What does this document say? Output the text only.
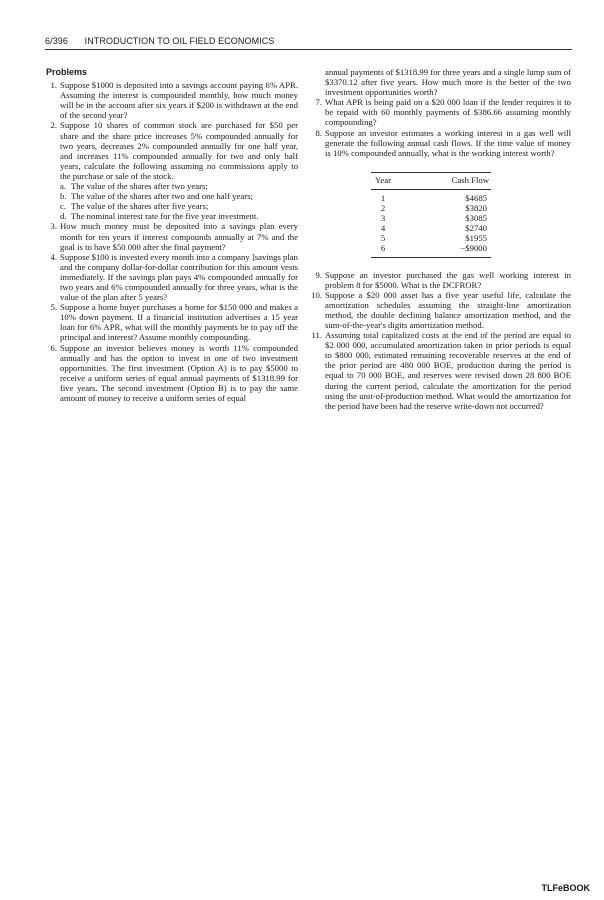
6/396 INTRODUCTION TO OIL FIELD ECONOMICS
Problems
1. Suppose $1000 is deposited into a savings account paying 6% APR. Assuming the interest is compounded monthly, how much money will be in the account after six years if $200 is withdrawn at the end of the second year?
2. Suppose 10 shares of common stock are purchased for $50 per share and the share price increases 5% compounded annually for two years, decreases 2% compounded annually for one half year, and increases 11% compounded annually for two and only half years, calculate the following assuming no commissions apply to the purchase or sale of the stock.
a. The value of the shares after two years;
b. The value of the shares after two and one half years;
c. The value of the shares after five years;
d. The nominal interest rate for the five year investment.
3. How much money must be deposited into a savings plan every month for ten years if interest compounds annually at 7% and the goal is to have $50 000 after the final payment?
4. Suppose $100 is invested every month into a company ]savings plan and the company dollar-for-dollar contribution for this amount vests immediately. If the savings plan pays 4% compounded annually for two years and 6% compounded annually for three years, what is the value of the plan after 5 years?
5. Suppose a home buyer purchases a home for $150 000 and makes a 10% down payment. If a financial institution advertises a 15 year loan for 6% APR, what will the monthly payments be to pay off the principal and interest? Assume monthly compounding.
6. Suppose an investor believes money is worth 11% compounded annually and has the option to invest in one of two investment opportunities. The first investment (Option A) is to pay $5000 to receive a uniform series of equal annual payments of $1318.99 for five years. The second investment (Option B) is to pay the same amount of money to receive a uniform series of equal
annual payments of $1318.99 for three years and a single lump sum of $3370.12 after five years. How much more is the better of the two investment opportunities worth?
7. What APR is being paid on a $20 000 loan if the lender requires it to be repaid with 60 monthly payments of $386.66 assuming monthly compounding?
8. Suppose an investor estimates a working interest in a gas well will generate the following annual cash flows. If the time value of money is 10% compounded annually, what is the working interest worth?
Year	Cash Flow
1	$4685
2	$3820
3	$3085
4	$2740
5	$1955
6	−$9000
9. Suppose an investor purchased the gas well working interest in problem 8 for $5000. What is the DCFROR?
10. Suppose a $20 000 asset has a five year useful life, calculate the amortization schedules assuming the straight-line amortization method, the double declining balance amortization method, and the sum-of-the-year's digits amortization method.
11. Assuming total capitalized costs at the end of the period are equal to $2 000 000, accumulated amortization taken in prior periods is equal to $800 000, estimated remaining recoverable reserves at the end of the prior period are 480 000 BOE, production during the period is equal to 70 000 BOE, and reserves were revised down 28 800 BOE during the current period, calculate the amortization for the period using the unit-of-production method. What would the amortization for the period have been had the reserve write-down not occurred?
TLFeBOOK
